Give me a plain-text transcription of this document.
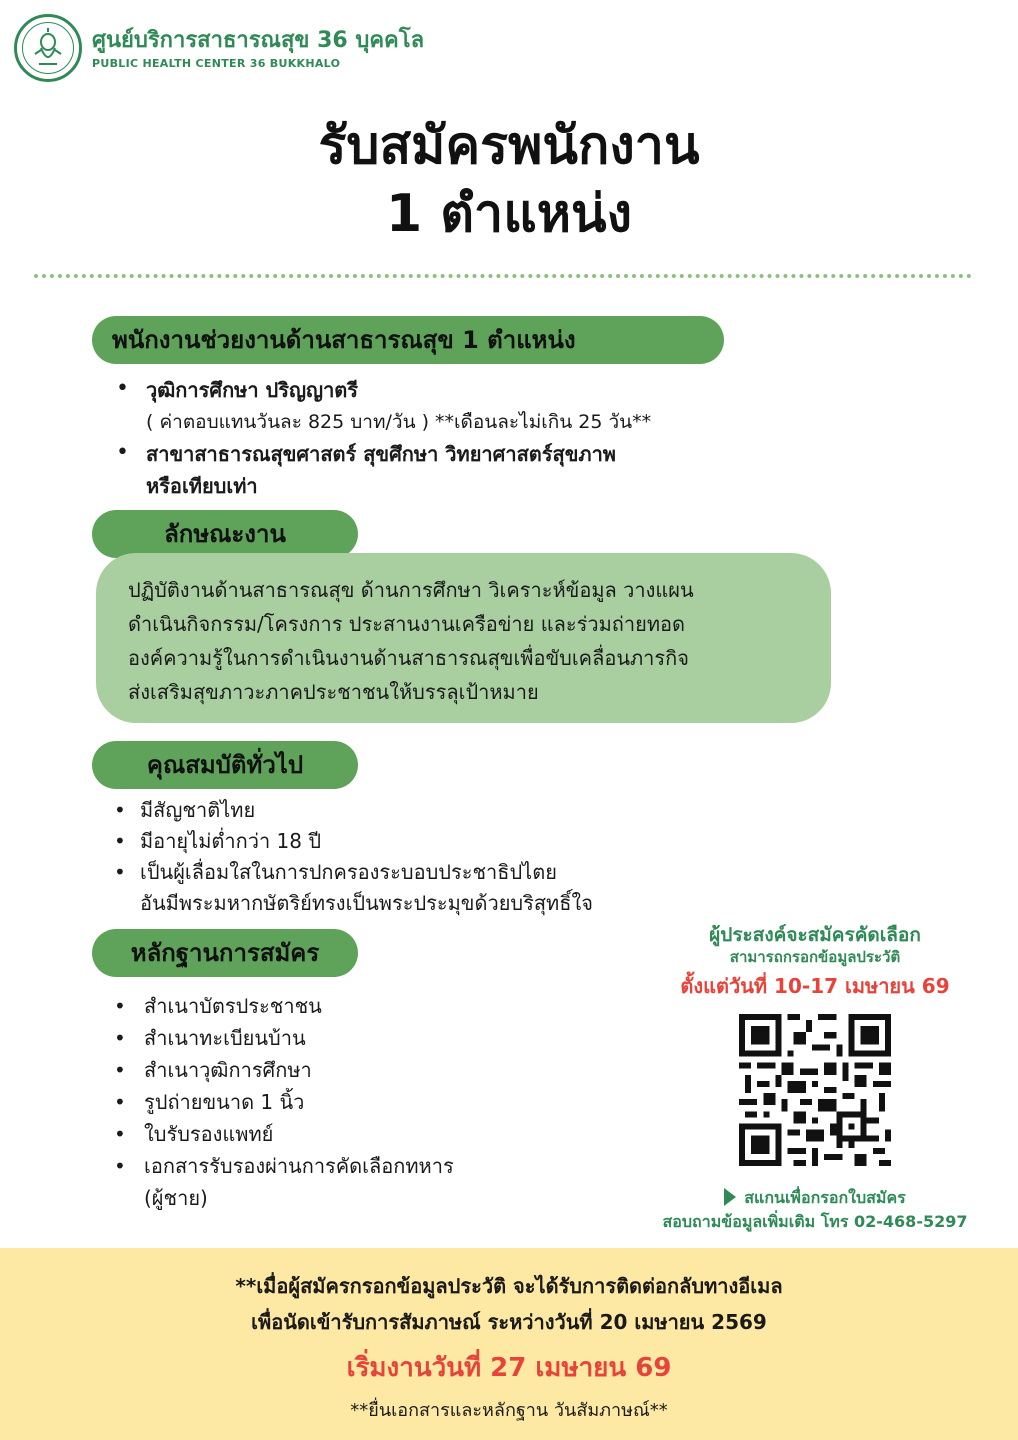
ศูนย์บริการสาธารณสุข 36 บุคคโล
PUBLIC HEALTH CENTER 36 BUKKHALO
รับสมัครพนักงาน
1 ตำแหน่ง
พนักงานช่วยงานด้านสาธารณสุข 1 ตำแหน่ง
• วุฒิการศึกษา ปริญญาตรี
( ค่าตอบแทนวันละ 825 บาท/วัน ) **เดือนละไม่เกิน 25 วัน**
• สาขาสาธารณสุขศาสตร์ สุขศึกษา วิทยาศาสตร์สุขภาพ
หรือเทียบเท่า
ลักษณะงาน
ปฏิบัติงานด้านสาธารณสุข ด้านการศึกษา วิเคราะห์ข้อมูล วางแผน
ดำเนินกิจกรรม/โครงการ ประสานงานเครือข่าย และร่วมถ่ายทอด
องค์ความรู้ในการดำเนินงานด้านสาธารณสุขเพื่อขับเคลื่อนภารกิจ
ส่งเสริมสุขภาวะภาคประชาชนให้บรรลุเป้าหมาย
คุณสมบัติทั่วไป
• มีสัญชาติไทย
• มีอายุไม่ต่ำกว่า 18 ปี
• เป็นผู้เลื่อมใสในการปกครองระบอบประชาธิปไตย
อันมีพระมหากษัตริย์ทรงเป็นพระประมุขด้วยบริสุทธิ์ใจ
หลักฐานการสมัคร
• สำเนาบัตรประชาชน
• สำเนาทะเบียนบ้าน
• สำเนาวุฒิการศึกษา
• รูปถ่ายขนาด 1 นิ้ว
• ใบรับรองแพทย์
• เอกสารรับรองผ่านการคัดเลือกทหาร
(ผู้ชาย)
ผู้ประสงค์จะสมัครคัดเลือก
สามารถกรอกข้อมูลประวัติ
ตั้งแต่วันที่ 10-17 เมษายน 69
สแกนเพื่อกรอกใบสมัคร
สอบถามข้อมูลเพิ่มเติม โทร 02-468-5297
**เมื่อผู้สมัครกรอกข้อมูลประวัติ จะได้รับการติดต่อกลับทางอีเมล
เพื่อนัดเข้ารับการสัมภาษณ์ ระหว่างวันที่ 20 เมษายน 2569
เริ่มงานวันที่ 27 เมษายน 69
**ยื่นเอกสารและหลักฐาน วันสัมภาษณ์**
